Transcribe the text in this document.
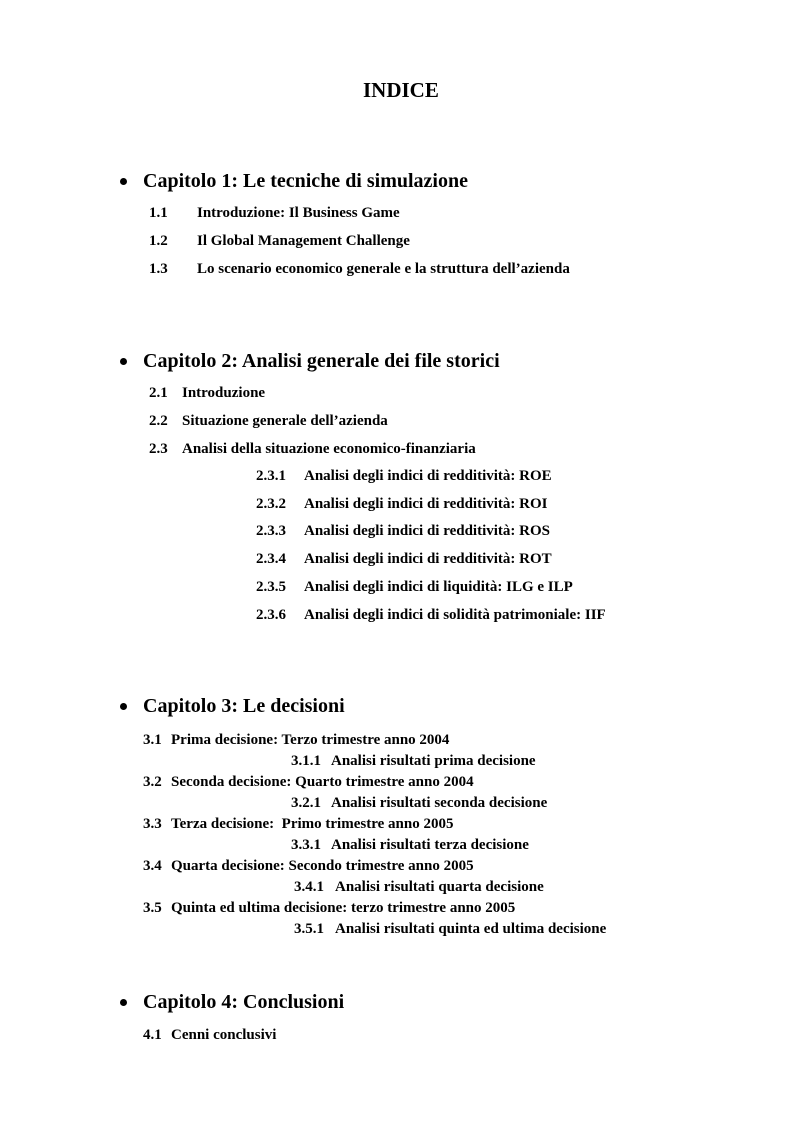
INDICE
Capitolo 1: Le tecniche di simulazione
1.1 Introduzione: Il Business Game
1.2 Il Global Management Challenge
1.3 Lo scenario economico generale e la struttura dell’azienda
Capitolo 2: Analisi generale dei file storici
2.1 Introduzione
2.2 Situazione generale dell’azienda
2.3 Analisi della situazione economico-finanziaria
2.3.1 Analisi degli indici di redditività: ROE
2.3.2 Analisi degli indici di redditività: ROI
2.3.3 Analisi degli indici di redditività: ROS
2.3.4 Analisi degli indici di redditività: ROT
2.3.5 Analisi degli indici di liquidità: ILG e ILP
2.3.6 Analisi degli indici di solidità patrimoniale: IIF
Capitolo 3: Le decisioni
3.1 Prima decisione: Terzo trimestre anno 2004
3.1.1 Analisi risultati prima decisione
3.2 Seconda decisione: Quarto trimestre anno 2004
3.2.1 Analisi risultati seconda decisione
3.3 Terza decisione:  Primo trimestre anno 2005
3.3.1 Analisi risultati terza decisione
3.4 Quarta decisione: Secondo trimestre anno 2005
3.4.1 Analisi risultati quarta decisione
3.5 Quinta ed ultima decisione: terzo trimestre anno 2005
3.5.1 Analisi risultati quinta ed ultima decisione
Capitolo 4: Conclusioni
4.1 Cenni conclusivi
